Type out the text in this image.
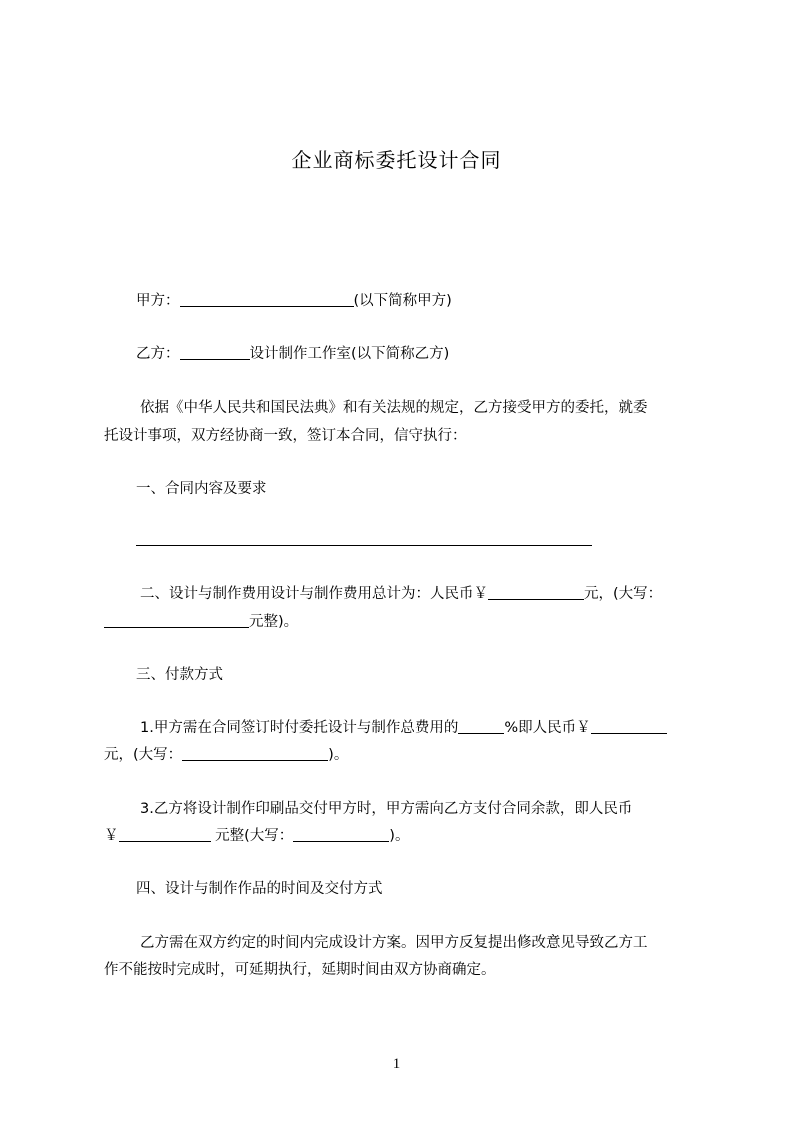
企业商标委托设计合同
甲方：	(以下简称甲方)
乙方：	设计制作工作室(以下简称乙方)
依据《中华人民共和国民法典》和有关法规的规定，乙方接受甲方的委托，就委
托设计事项，双方经协商一致，签订本合同，信守执行：
一、合同内容及要求
二、设计与制作费用设计与制作费用总计为：人民币￥	元，(大写：
元整)。
三、付款方式
1.甲方需在合同签订时付委托设计与制作总费用的	%即人民币￥
元，(大写：	)。
3.乙方将设计制作印刷品交付甲方时，甲方需向乙方支付合同余款，即人民币
￥	元整(大写：	)。
四、设计与制作作品的时间及交付方式
乙方需在双方约定的时间内完成设计方案。因甲方反复提出修改意见导致乙方工
作不能按时完成时，可延期执行，延期时间由双方协商确定。
1
